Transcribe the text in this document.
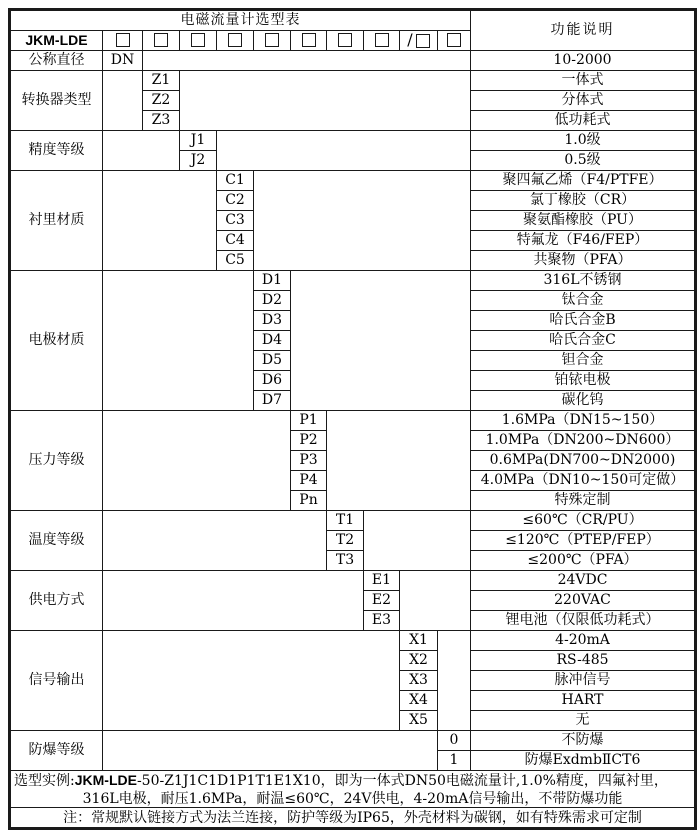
电磁流量计选型表											功能说明
JKM-LDE									/		
公称直径	DN										10-2000
转换器类型		Z1									一体式
		Z2									分体式
		Z3									低功耗式
精度等级			J1								1.0级
			J2								0.5级
衬里材质				C1							聚四氟乙烯（F4/PTFE）
				C2							氯丁橡胶（CR）
				C3							聚氨酯橡胶（PU）
				C4							特氟龙（F46/FEP）
				C5							共聚物（PFA）
电极材质					D1						316L不锈钢
					D2						钛合金
					D3						哈氏合金B
					D4						哈氏合金C
					D5						钽合金
					D6						铂铱电极
					D7						碳化钨
压力等级						P1					1.6MPa（DN15~150）
						P2					1.0MPa（DN200~DN600）
						P3					0.6MPa(DN700~DN2000)
						P4					4.0MPa（DN10~150可定做）
						Pn					特殊定制
温度等级							T1				≤60℃（CR/PU）
							T2				≤120℃（PTEP/FEP）
							T3				≤200℃（PFA）
供电方式								E1			24VDC
								E2			220VAC
								E3			锂电池（仅限低功耗式）
信号输出									X1		4-20mA
									X2		RS-485
									X3		脉冲信号
									X4		HART
									X5		无
防爆等级										0	不防爆
										1	防爆ExdmbⅡCT6

选型实例:JKM-LDE-50-Z1J1C1D1P1T1E1X10，即为一体式DN50电磁流量计,1.0%精度，四氟衬里，
316L电极，耐压1.6MPa，耐温≤60℃，24V供电，4-20mA信号输出，不带防爆功能											

注：常规默认链接方式为法兰连接，防护等级为IP65，外壳材料为碳钢，如有特殊需求可定制											
